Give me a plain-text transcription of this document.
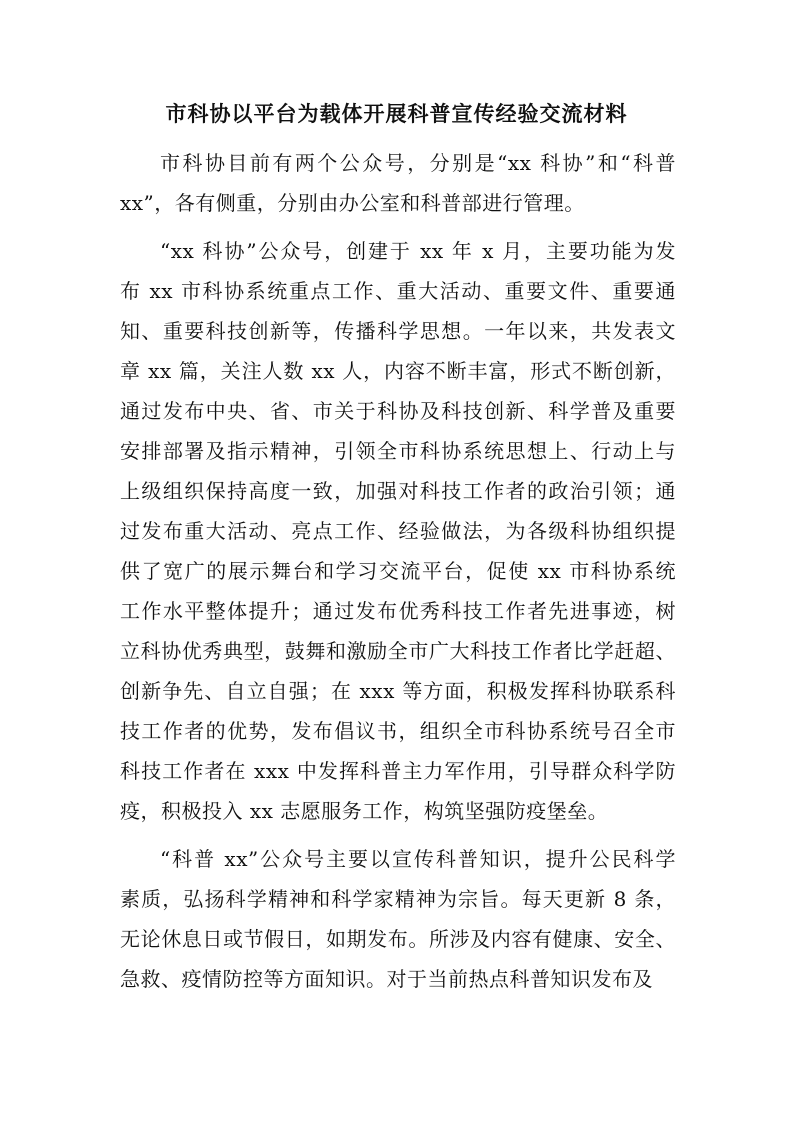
市科协以平台为载体开展科普宣传经验交流材料
市科协目前有两个公众号，分别是“xx 科协”和“科普
xx”，各有侧重，分别由办公室和科普部进行管理。
“xx 科协”公众号，创建于 xx 年 x 月，主要功能为发
布 xx 市科协系统重点工作、重大活动、重要文件、重要通
知、重要科技创新等，传播科学思想。一年以来，共发表文
章 xx 篇，关注人数 xx 人，内容不断丰富，形式不断创新，
通过发布中央、省、市关于科协及科技创新、科学普及重要
安排部署及指示精神，引领全市科协系统思想上、行动上与
上级组织保持高度一致，加强对科技工作者的政治引领；通
过发布重大活动、亮点工作、经验做法，为各级科协组织提
供了宽广的展示舞台和学习交流平台，促使 xx 市科协系统
工作水平整体提升；通过发布优秀科技工作者先进事迹，树
立科协优秀典型，鼓舞和激励全市广大科技工作者比学赶超、
创新争先、自立自强；在 xxx 等方面，积极发挥科协联系科
技工作者的优势，发布倡议书，组织全市科协系统号召全市
科技工作者在 xxx 中发挥科普主力军作用，引导群众科学防
疫，积极投入 xx 志愿服务工作，构筑坚强防疫堡垒。
“科普 xx”公众号主要以宣传科普知识，提升公民科学
素质，弘扬科学精神和科学家精神为宗旨。每天更新 8 条，
无论休息日或节假日，如期发布。所涉及内容有健康、安全、
急救、疫情防控等方面知识。对于当前热点科普知识发布及
